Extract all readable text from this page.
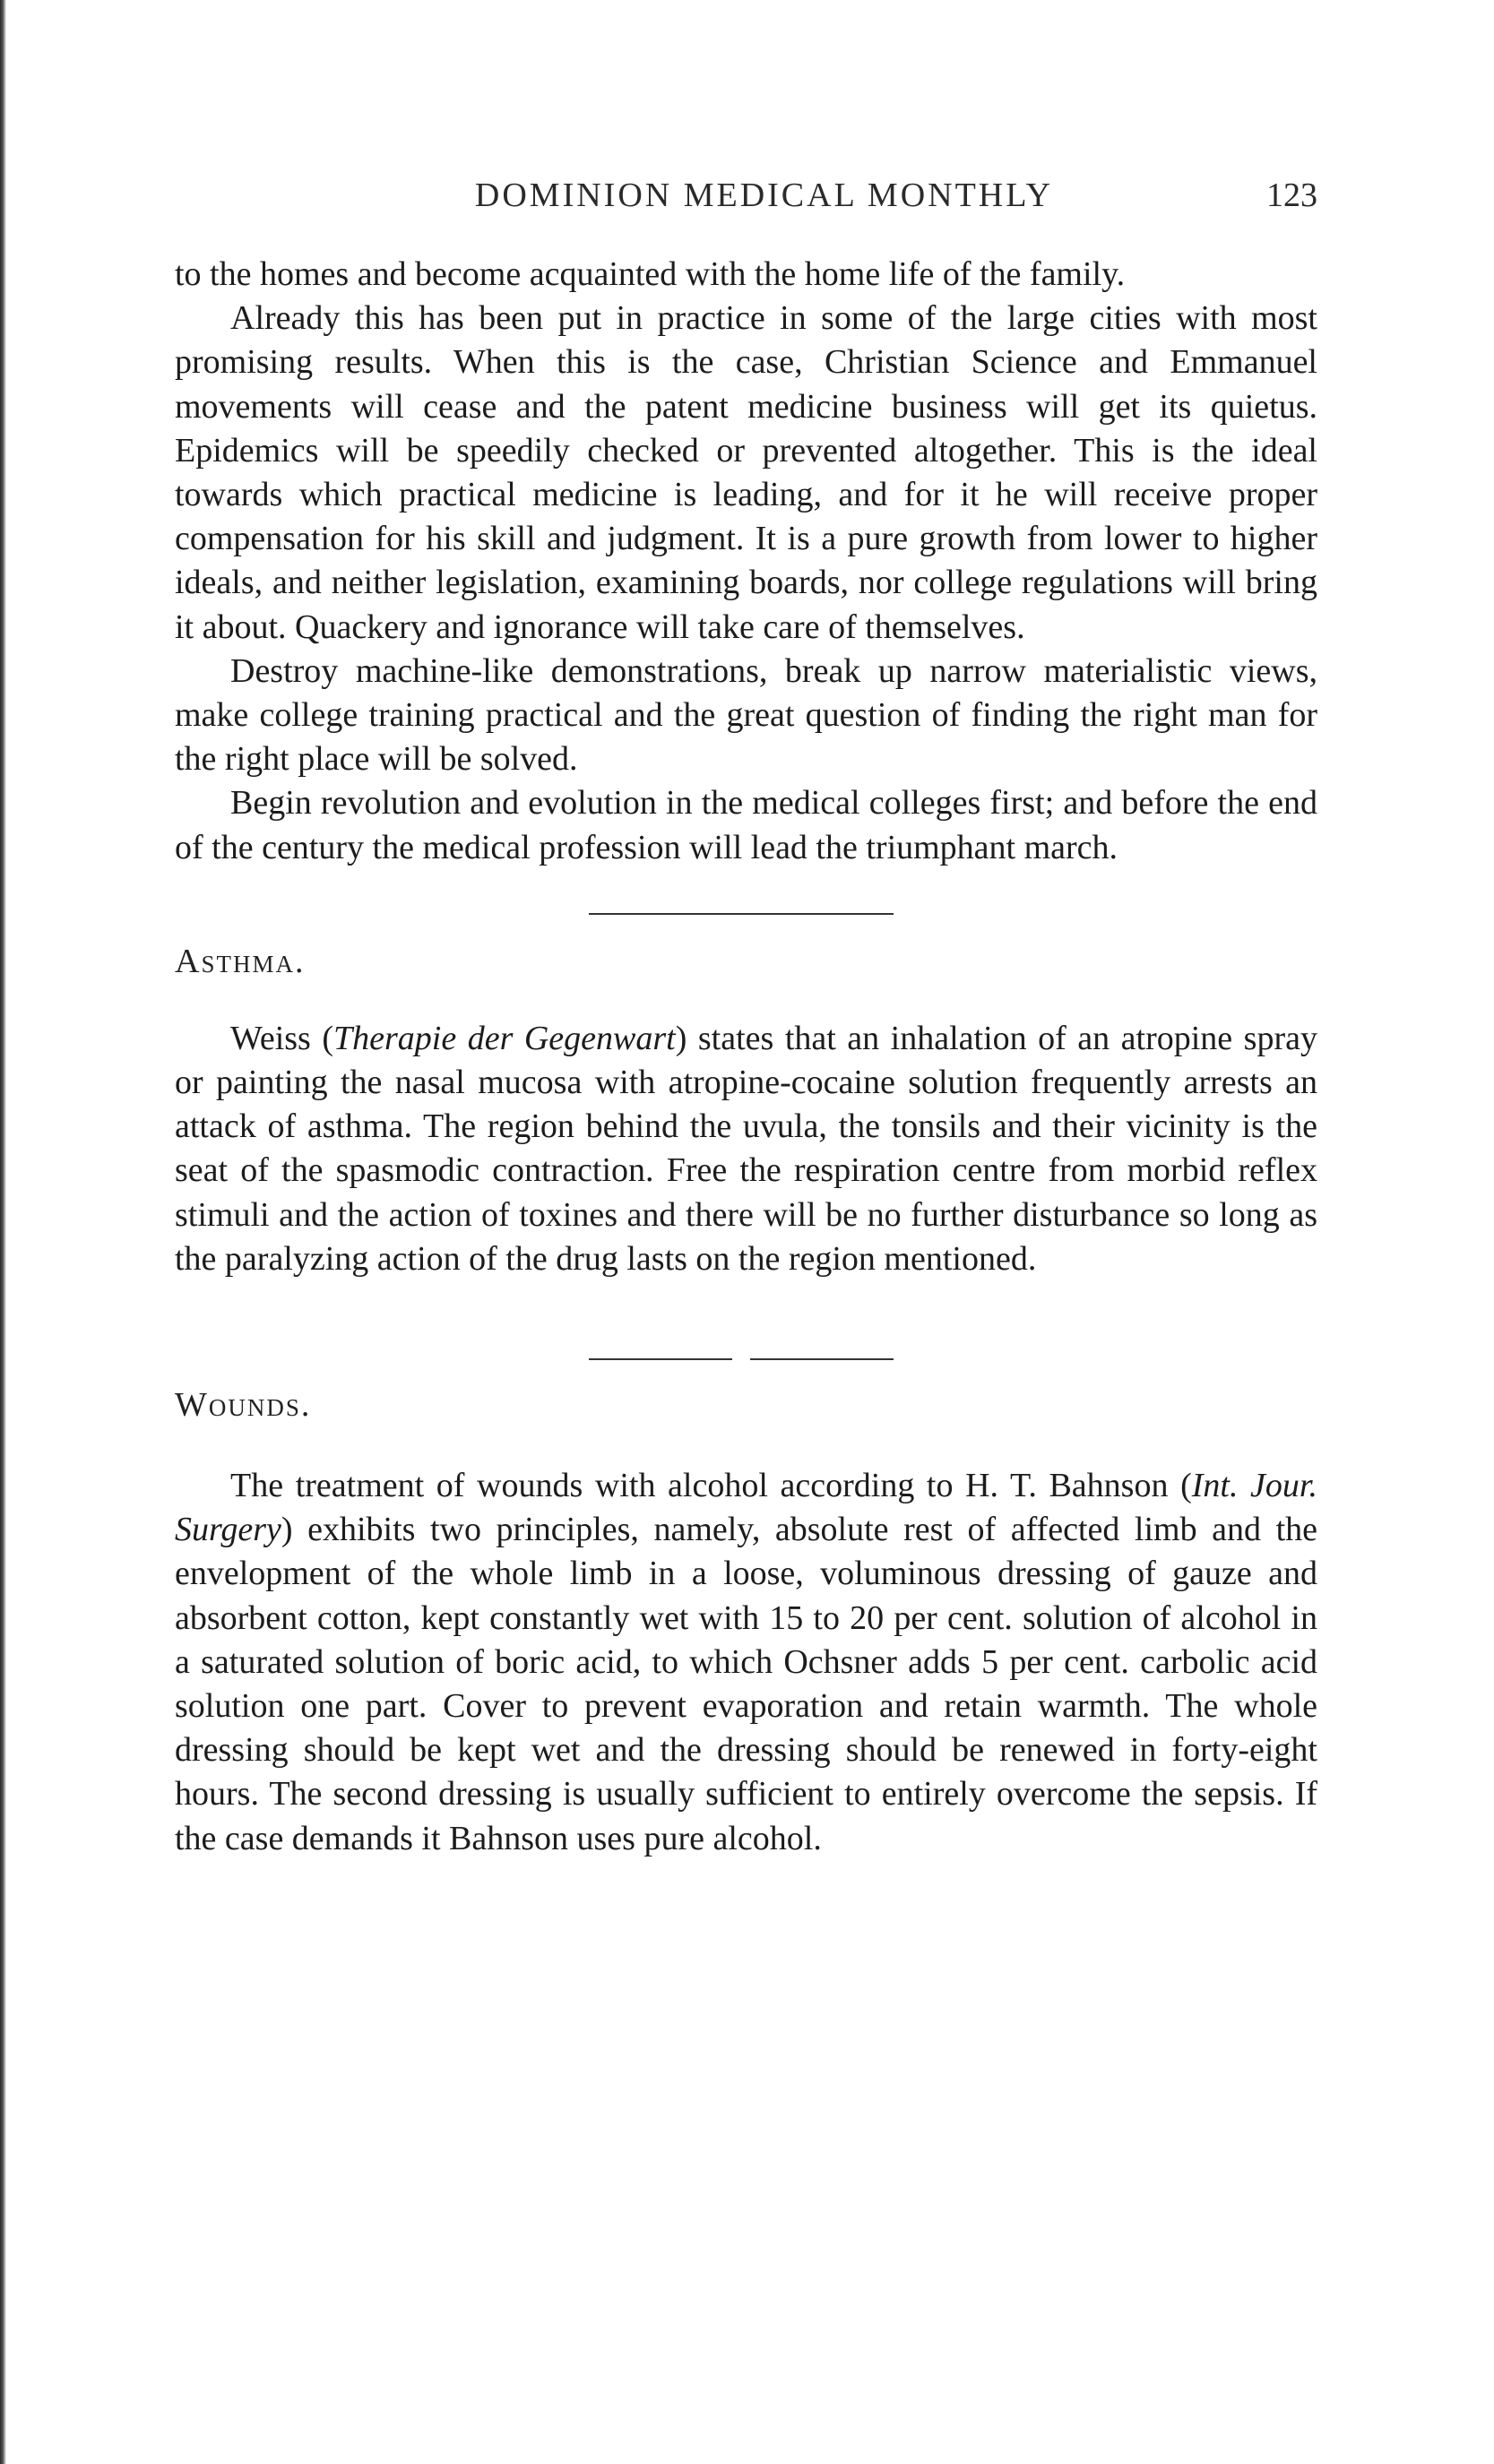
DOMINION MEDICAL MONTHLY	123

to the homes and become acquainted with the home life of the family.

Already this has been put in practice in some of the large cities with most promising results. When this is the case, Christian Science and Emmanuel movements will cease and the patent medicine business will get its quietus. Epidemics will be speedily checked or prevented altogether. This is the ideal towards which practical medicine is leading, and for it he will receive proper compensation for his skill and judgment. It is a pure growth from lower to higher ideals, and neither legislation, examining boards, nor college regulations will bring it about. Quackery and ignorance will take care of themselves.

Destroy machine-like demonstrations, break up narrow materialistic views, make college training practical and the great question of finding the right man for the right place will be solved.

Begin revolution and evolution in the medical colleges first; and before the end of the century the medical profession will lead the triumphant march.

Asthma.

Weiss (Therapie der Gegenwart) states that an inhalation of an atropine spray or painting the nasal mucosa with atropine-cocaine solution frequently arrests an attack of asthma. The region behind the uvula, the tonsils and their vicinity is the seat of the spasmodic contraction. Free the respiration centre from morbid reflex stimuli and the action of toxines and there will be no further disturbance so long as the paralyzing action of the drug lasts on the region mentioned.

Wounds.

The treatment of wounds with alcohol according to H. T. Bahnson (Int. Jour. Surgery) exhibits two principles, namely, absolute rest of affected limb and the envelopment of the whole limb in a loose, voluminous dressing of gauze and absorbent cotton, kept constantly wet with 15 to 20 per cent. solution of alcohol in a saturated solution of boric acid, to which Ochsner adds 5 per cent. carbolic acid solution one part. Cover to prevent evaporation and retain warmth. The whole dressing should be kept wet and the dressing should be renewed in forty-eight hours. The second dressing is usually sufficient to entirely overcome the sepsis. If the case demands it Bahnson uses pure alcohol.
